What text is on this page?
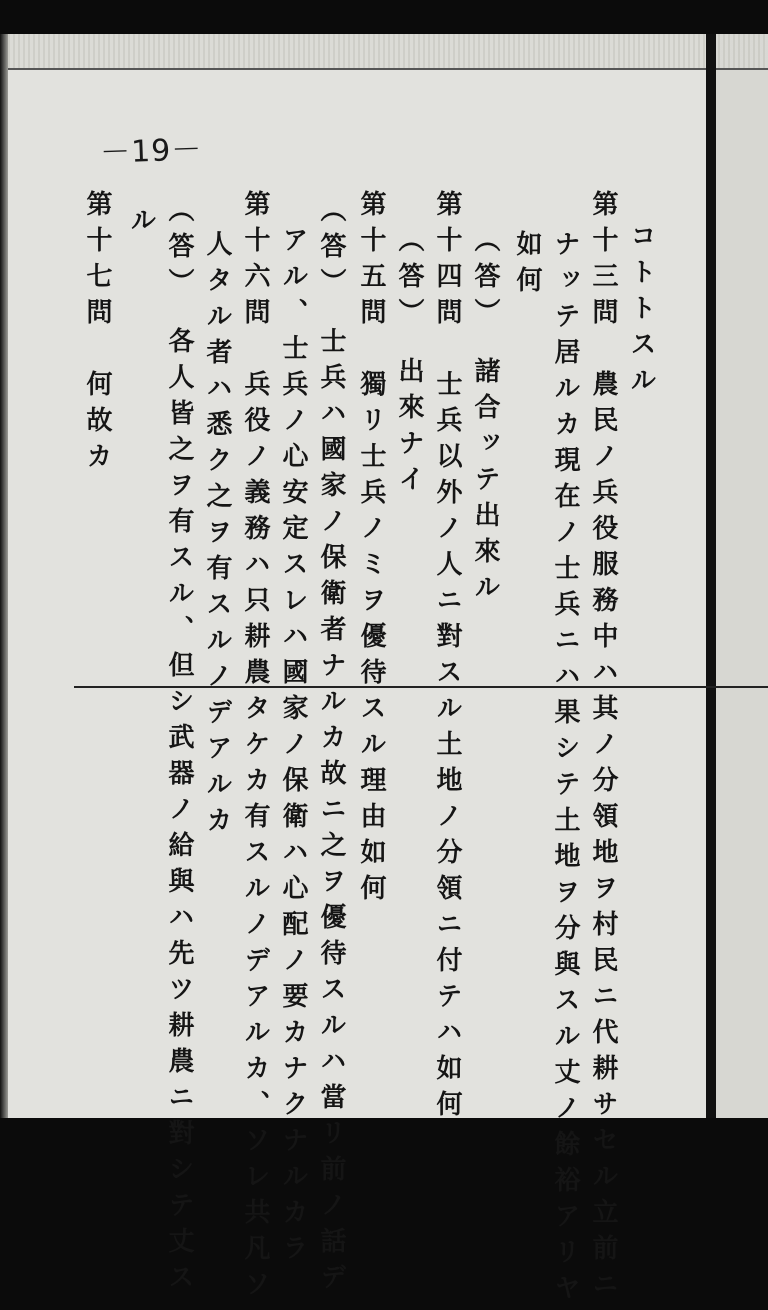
－19－
コトトスル
第十三問　農民ノ兵役服務中ハ其ノ分領地ヲ村民ニ代耕サセル立前ニ
ナッテ居ルカ現在ノ士兵ニハ果シテ土地ヲ分與スル丈ノ餘裕アリヤ
如何
（答）　諸合ッテ出來ル
第十四問　士兵以外ノ人ニ對スル土地ノ分領ニ付テハ如何
（答）　出來ナイ
第十五問　獨リ士兵ノミヲ優待スル理由如何
（答）　士兵ハ國家ノ保衛者ナルカ故ニ之ヲ優待スルハ當リ前ノ話デ
アル、士兵ノ心安定スレハ國家ノ保衛ハ心配ノ要カナクナルカラ
第十六問　兵役ノ義務ハ只耕農タケカ有スルノデアルカ、ソレ共凡ソ
人タル者ハ悉ク之ヲ有スルノデアルカ
ル （答）　各人皆之ヲ有スル、但シ武器ノ給與ハ先ツ耕農ニ對シテ丈ス
第十七問　何故カ
